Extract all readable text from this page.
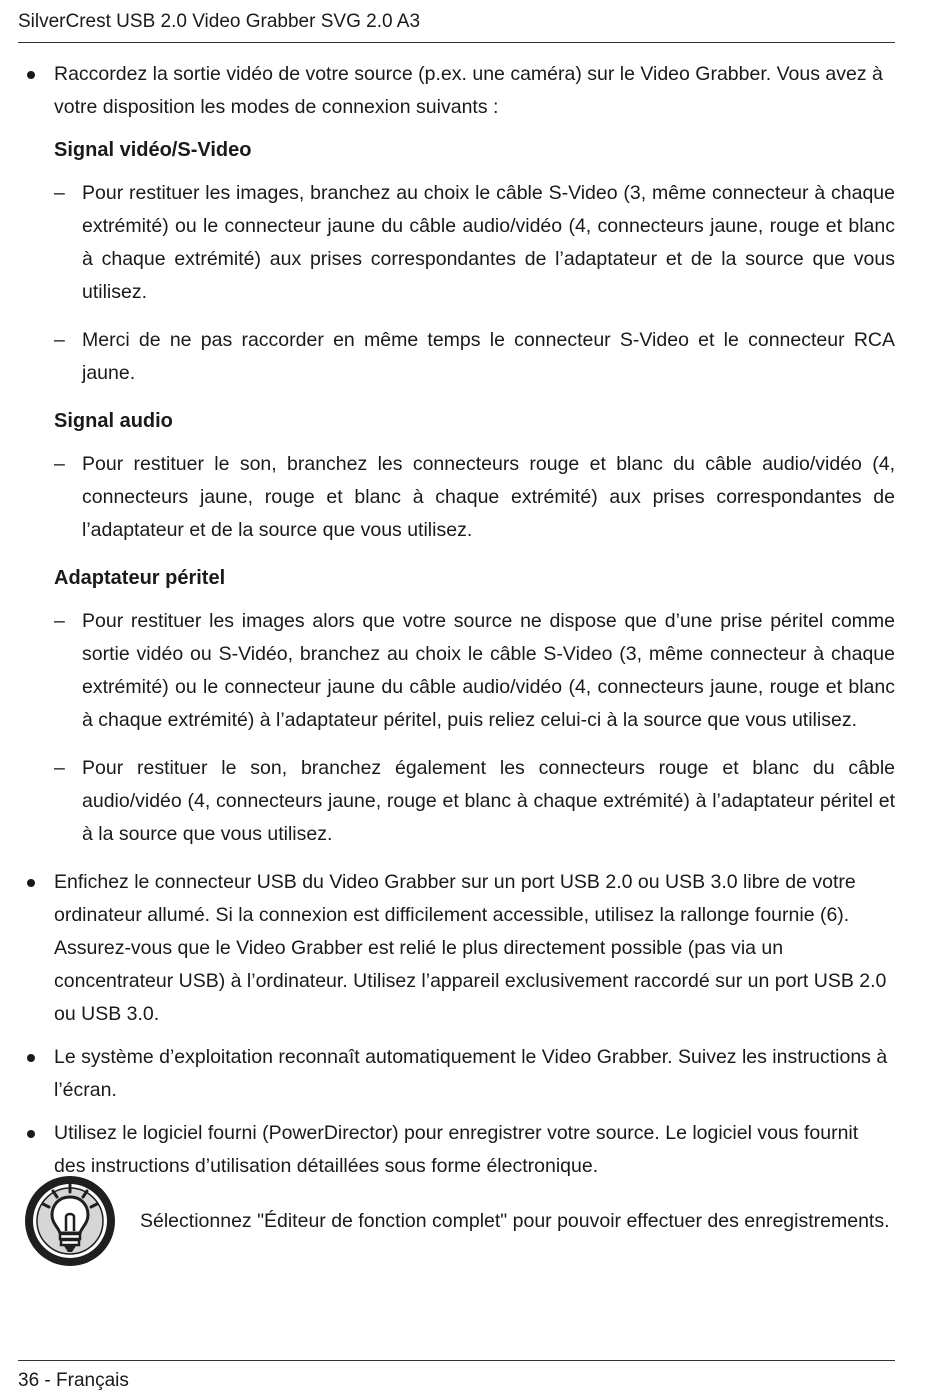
SilverCrest USB 2.0 Video Grabber SVG 2.0 A3
Raccordez la sortie vidéo de votre source (p.ex. une caméra) sur le Video Grabber. Vous avez à votre disposition les modes de connexion suivants :
Signal vidéo/S-Video
– Pour restituer les images, branchez au choix le câble S-Video (3, même connecteur à chaque extrémité) ou le connecteur jaune du câble audio/vidéo (4, connecteurs jaune, rouge et blanc à chaque extrémité) aux prises correspondantes de l’adaptateur et de la source que vous utilisez.
– Merci de ne pas raccorder en même temps le connecteur S-Video et le connecteur RCA jaune.
Signal audio
– Pour restituer le son, branchez les connecteurs rouge et blanc du câble audio/vidéo (4, connecteurs jaune, rouge et blanc à chaque extrémité) aux prises correspondantes de l’adaptateur et de la source que vous utilisez.
Adaptateur péritel
– Pour restituer les images alors que votre source ne dispose que d’une prise péritel comme sortie vidéo ou S-Vidéo, branchez au choix le câble S-Video (3, même connecteur à chaque extrémité) ou le connecteur jaune du câble audio/vidéo (4, connecteurs jaune, rouge et blanc à chaque extrémité) à l’adaptateur péritel, puis reliez celui-ci à la source que vous utilisez.
– Pour restituer le son, branchez également les connecteurs rouge et blanc du câble audio/vidéo (4, connecteurs jaune, rouge et blanc à chaque extrémité) à l’adaptateur péritel et à la source que vous utilisez.
Enfichez le connecteur USB du Video Grabber sur un port USB 2.0 ou USB 3.0 libre de votre ordinateur allumé. Si la connexion est difficilement accessible, utilisez la rallonge fournie (6). Assurez-vous que le Video Grabber est relié le plus directement possible (pas via un concentrateur USB) à l’ordinateur. Utilisez l’appareil exclusivement raccordé sur un port USB 2.0 ou USB 3.0.
Le système d’exploitation reconnaît automatiquement le Video Grabber. Suivez les instructions à l’écran.
Utilisez le logiciel fourni (PowerDirector) pour enregistrer votre source. Le logiciel vous fournit des instructions d’utilisation détaillées sous forme électronique.
Sélectionnez "Éditeur de fonction complet" pour pouvoir effectuer des enregistrements.
36 - Français
